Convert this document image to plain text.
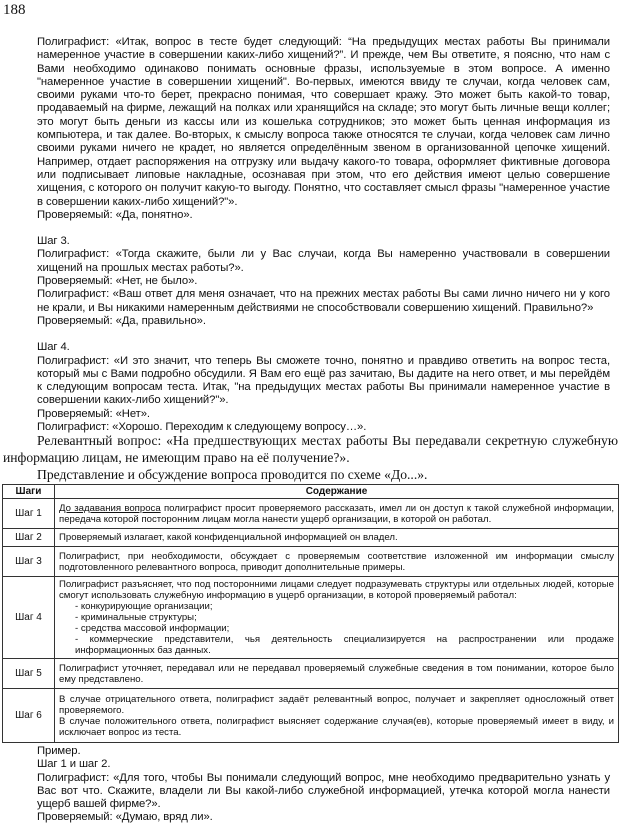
188

Полиграфист: «Итак, вопрос в тесте будет следующий: “На предыдущих местах работы Вы принимали намеренное участие в совершении каких-либо хищений?”. И прежде, чем Вы ответите, я поясню, что нам с Вами необходимо одинаково понимать основные фразы, используемые в этом вопросе. А именно "намеренное участие в совершении хищений". Во-первых, имеются ввиду те случаи, когда человек сам, своими руками что-то берет, прекрасно понимая, что совершает кражу. Это может быть какой-то товар, продаваемый на фирме, лежащий на полках или хранящийся на складе; это могут быть личные вещи коллег; это могут быть деньги из кассы или из кошелька сотрудников; это может быть ценная информация из компьютера, и так далее. Во-вторых, к смыслу вопроса также относятся те случаи, когда человек сам лично своими руками ничего не крадет, но является определённым звеном в организованной цепочке хищений. Например, отдает распоряжения на отгрузку или выдачу какого-то товара, оформляет фиктивные договора или подписывает липовые накладные, осознавая при этом, что его действия имеют целью совершение хищения, с которого он получит какую-то выгоду. Понятно, что составляет смысл фразы "намеренное участие в совершении каких-либо хищений?"».

Проверяемый: «Да, понятно».

Шаг 3.

Полиграфист: «Тогда скажите, были ли у Вас случаи, когда Вы намеренно участвовали в совершении хищений на прошлых местах работы?».

Проверяемый: «Нет, не было».

Полиграфист: «Ваш ответ для меня означает, что на прежних местах работы Вы сами лично ничего ни у кого не крали, и Вы никакими намеренным действиями не способствовали совершению хищений. Правильно?»

Проверяемый: «Да, правильно».

Шаг 4.

Полиграфист: «И это значит, что теперь Вы сможете точно, понятно и правдиво ответить на вопрос теста, который мы с Вами подробно обсудили. Я Вам его ещё раз зачитаю, Вы дадите на него ответ, и мы перейдём к следующим вопросам теста. Итак, "на предыдущих местах работы Вы принимали намеренное участие в совершении каких-либо хищений?"».

Проверяемый: «Нет».

Полиграфист: «Хорошо. Переходим к следующему вопросу…».

Релевантный вопрос: «На предшествующих местах работы Вы передавали секретную служебную информацию лицам, не имеющим право на её получение?».
Представление и обсуждение вопроса проводится по схеме «До...».
Шаги	Содержание
Шаг 1	До задавания вопроса полиграфист просит проверяемого рассказать, имел ли он доступ к такой служебной информации, передача которой посторонним лицам могла нанести ущерб организации, в которой он работал.
Шаг 2	Проверяемый излагает, какой конфиденциальной информацией он владел.
Шаг 3	Полиграфист, при необходимости, обсуждает с проверяемым соответствие изложенной им информации смыслу подготовленного релевантного вопроса, приводит дополнительные примеры.
Шаг 4	Полиграфист разъясняет, что под посторонними лицами следует подразумевать структуры или отдельных людей, которые смогут использовать служебную информацию в ущерб организации, в которой проверяемый работал:
- конкурирующие организации;
- криминальные структуры;
- средства массовой информации;
- коммерческие представители, чья деятельность специализируется на распространении или продаже информационных баз данных.

Шаг 5	Полиграфист уточняет, передавал или не передавал проверяемый служебные сведения в том понимании, которое было ему представлено.
Шаг 6	В случае отрицательного ответа, полиграфист задаёт релевантный вопрос, получает и закрепляет односложный ответ проверяемого.
В случае положительного ответа, полиграфист выясняет содержание случая(ев), которые проверяемый имеет в виду, и исключает вопрос из теста.

Пример.

Шаг 1 и шаг 2.

Полиграфист: «Для того, чтобы Вы понимали следующий вопрос, мне необходимо предварительно узнать у Вас вот что. Скажите, владели ли Вы какой-либо служебной информацией, утечка которой могла нанести ущерб вашей фирме?».

Проверяемый: «Думаю, вряд ли».
